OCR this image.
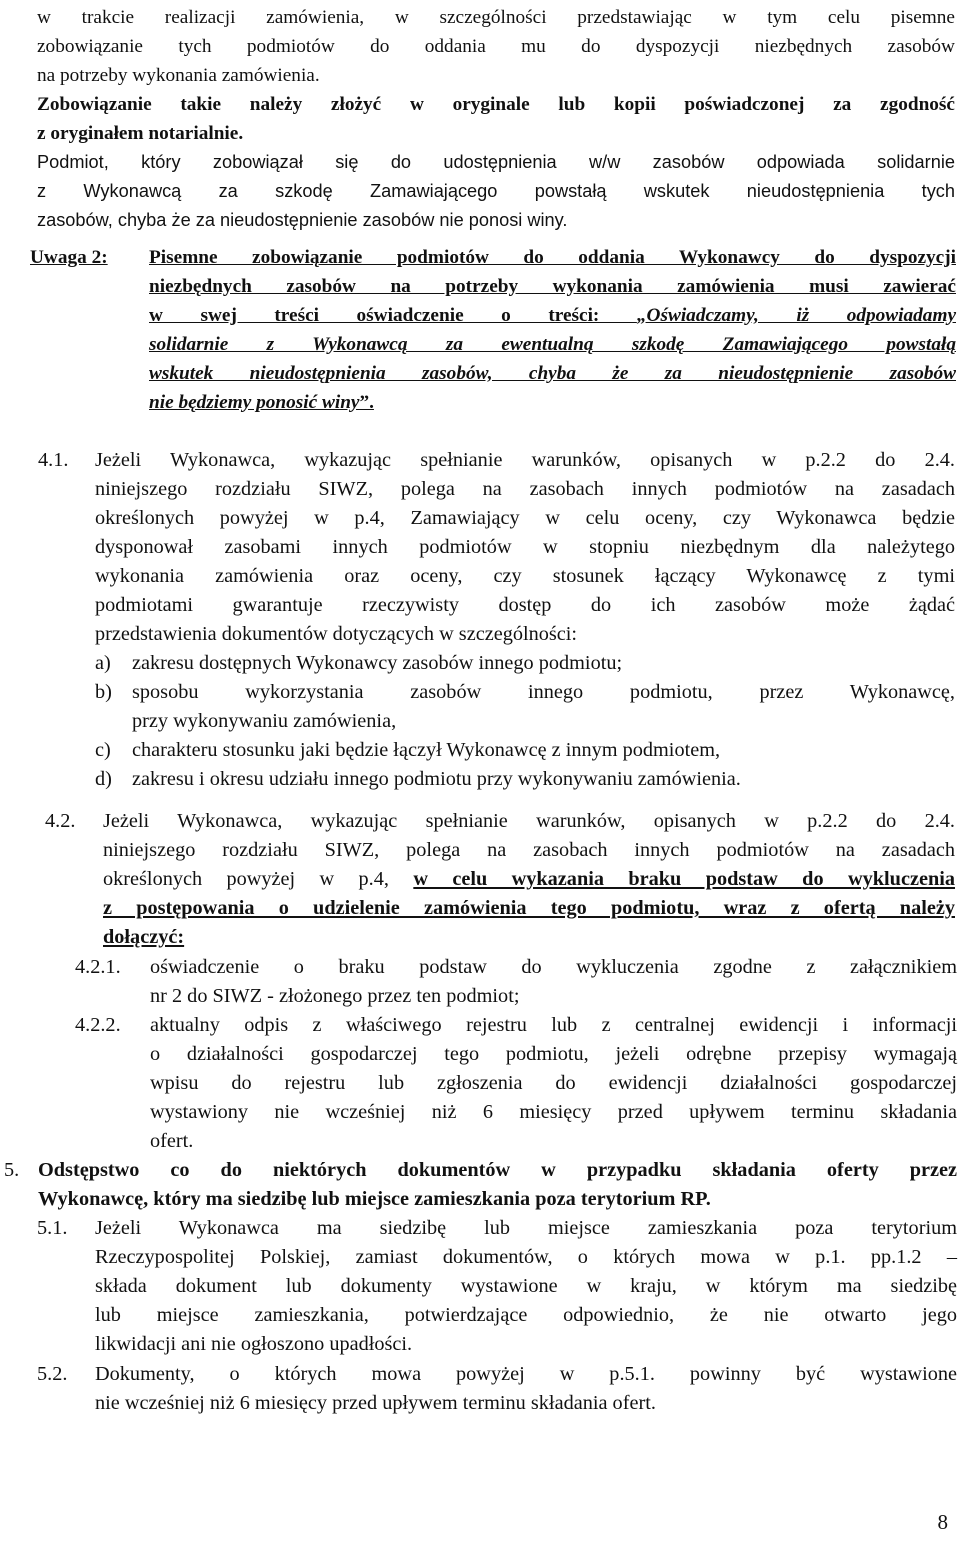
w trakcie realizacji zamówienia, w szczególności przedstawiając w tym celu pisemne
zobowiązanie tych podmiotów do oddania mu do dyspozycji niezbędnych zasobów
na potrzeby wykonania zamówienia.
Zobowiązanie takie należy złożyć w oryginale lub kopii poświadczonej za zgodność
z oryginałem notarialnie.
Podmiot, który zobowiązał się do udostępnienia w/w zasobów odpowiada solidarnie
z Wykonawcą za szkodę Zamawiającego powstałą wskutek nieudostępnienia tych
zasobów, chyba że za nieudostępnienie zasobów nie ponosi winy.
Uwaga 2: Pisemne zobowiązanie podmiotów do oddania Wykonawcy do dyspozycji
niezbędnych zasobów na potrzeby wykonania zamówienia musi zawierać
w swej treści oświadczenie o treści: „Oświadczamy, iż odpowiadamy
solidarnie z Wykonawcą za ewentualną szkodę Zamawiającego powstałą
wskutek nieudostępnienia zasobów, chyba że za nieudostępnienie zasobów
nie będziemy ponosić winy”.
4.1. Jeżeli Wykonawca, wykazując spełnianie warunków, opisanych w p.2.2 do 2.4.
niniejszego rozdziału SIWZ, polega na zasobach innych podmiotów na zasadach
określonych powyżej w p.4, Zamawiający w celu oceny, czy Wykonawca będzie
dysponował zasobami innych podmiotów w stopniu niezbędnym dla należytego
wykonania zamówienia oraz oceny, czy stosunek łączący Wykonawcę z tymi
podmiotami gwarantuje rzeczywisty dostęp do ich zasobów może żądać
przedstawienia dokumentów dotyczących w szczególności:
a) zakresu dostępnych Wykonawcy zasobów innego podmiotu;
b) sposobu wykorzystania zasobów innego podmiotu, przez Wykonawcę,
przy wykonywaniu zamówienia,
c) charakteru stosunku jaki będzie łączył Wykonawcę z innym podmiotem,
d) zakresu i okresu udziału innego podmiotu przy wykonywaniu zamówienia.
4.2. Jeżeli Wykonawca, wykazując spełnianie warunków, opisanych w p.2.2 do 2.4.
niniejszego rozdziału SIWZ, polega na zasobach innych podmiotów na zasadach
określonych powyżej w p.4, w celu wykazania braku podstaw do wykluczenia
z postępowania o udzielenie zamówienia tego podmiotu, wraz z ofertą należy
dołączyć:
4.2.1. oświadczenie o braku podstaw do wykluczenia zgodne z załącznikiem
nr 2 do SIWZ - złożonego przez ten podmiot;
4.2.2. aktualny odpis z właściwego rejestru lub z centralnej ewidencji i informacji
o działalności gospodarczej tego podmiotu, jeżeli odrębne przepisy wymagają
wpisu do rejestru lub zgłoszenia do ewidencji działalności gospodarczej
wystawiony nie wcześniej niż 6 miesięcy przed upływem terminu składania
ofert.
5. Odstępstwo co do niektórych dokumentów w przypadku składania oferty przez
Wykonawcę, który ma siedzibę lub miejsce zamieszkania poza terytorium RP.
5.1. Jeżeli Wykonawca ma siedzibę lub miejsce zamieszkania poza terytorium
Rzeczypospolitej Polskiej, zamiast dokumentów, o których mowa w p.1. pp.1.2 –
składa dokument lub dokumenty wystawione w kraju, w którym ma siedzibę
lub miejsce zamieszkania, potwierdzające odpowiednio, że nie otwarto jego
likwidacji ani nie ogłoszono upadłości.
5.2. Dokumenty, o których mowa powyżej w p.5.1. powinny być wystawione
nie wcześniej niż 6 miesięcy przed upływem terminu składania ofert.
8
